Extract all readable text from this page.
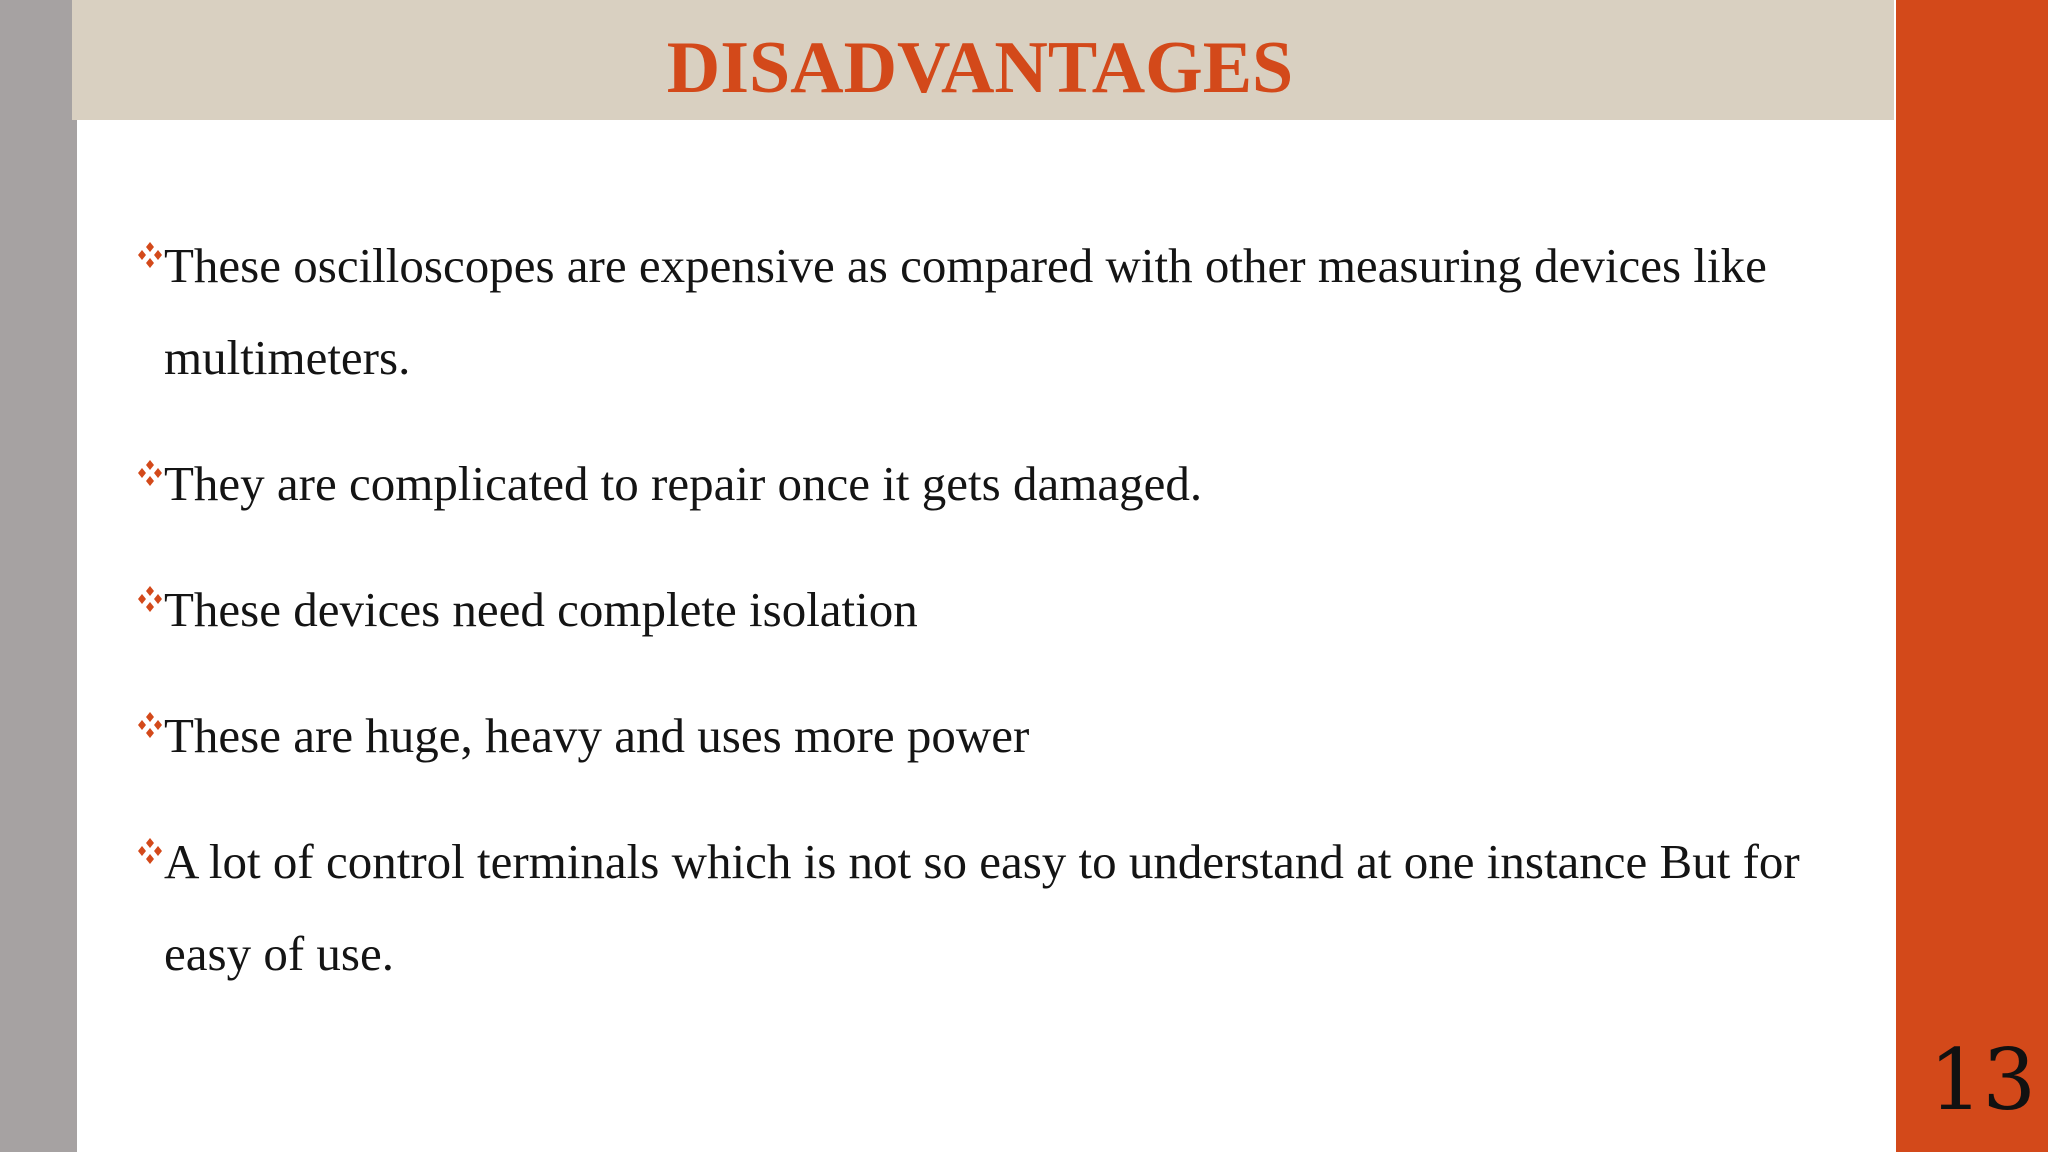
DISADVANTAGES
These oscilloscopes are expensive as compared with other measuring devices like multimeters.
They are complicated to repair once it gets damaged.
These devices need complete isolation
These are huge, heavy and uses more power
A lot of control terminals which is not so easy to understand at one instance But for easy of use.
13
